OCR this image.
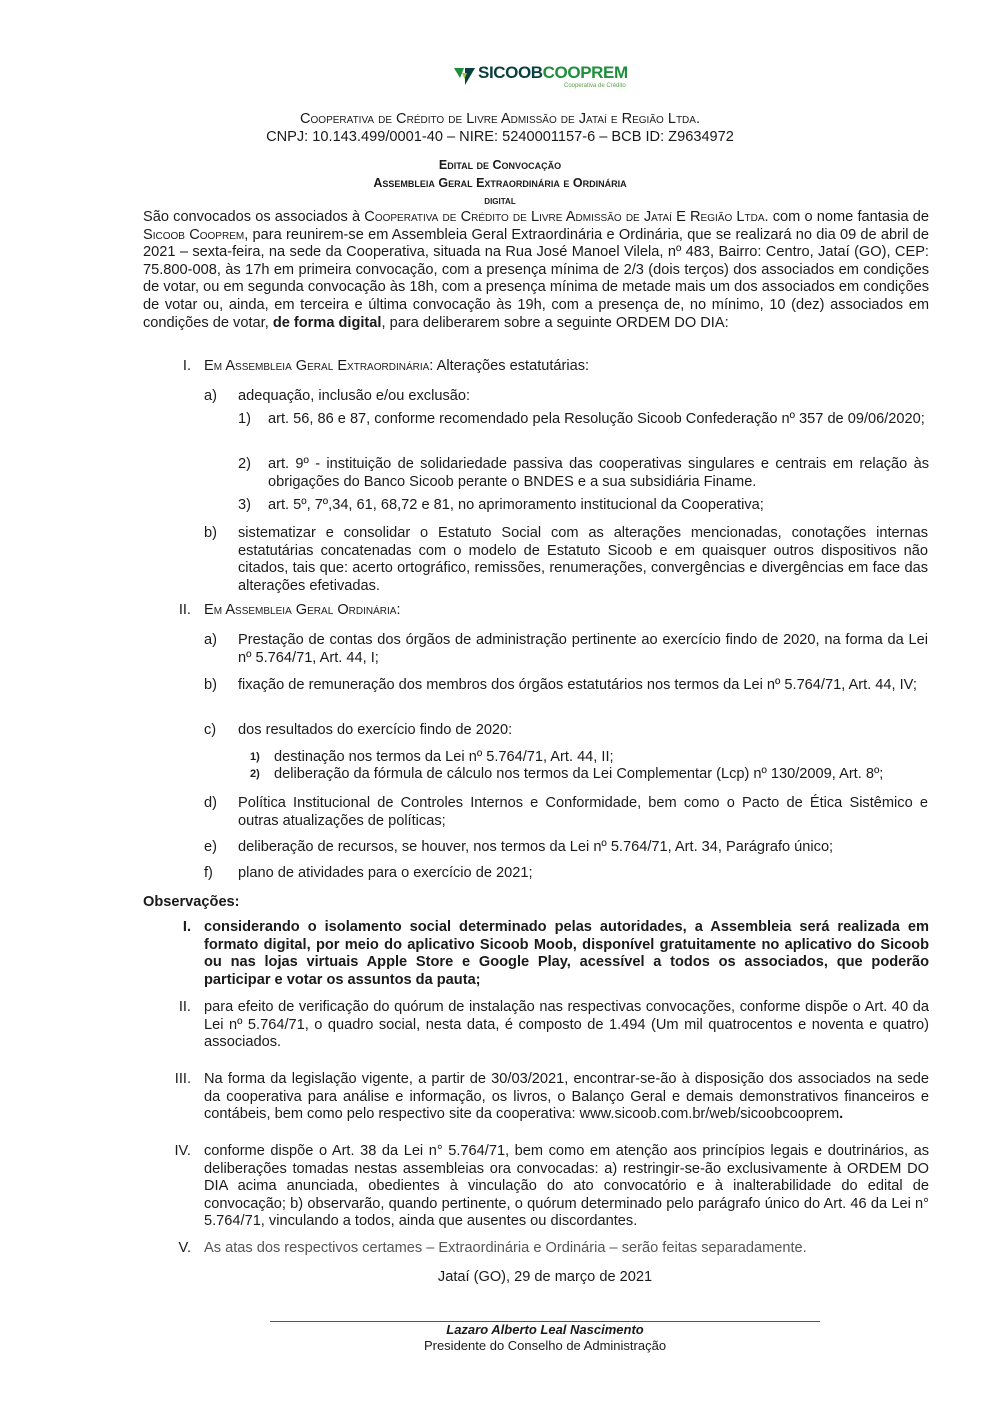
SICOOBCOOPREM
Cooperativa de Crédito
Cooperativa de Crédito de Livre Admissão de Jataí e Região Ltda.
CNPJ: 10.143.499/0001-40 – NIRE: 5240001157-6 – BCB ID: Z9634972
Edital de Convocação
Assembleia Geral Extraordinária e Ordinária
digital
São convocados os associados à Cooperativa de Crédito de Livre Admissão de Jataí E Região Ltda. com o nome fantasia de Sicoob Cooprem, para reunirem-se em Assembleia Geral Extraordinária e Ordinária, que se realizará no dia 09 de abril de 2021 – sexta-feira, na sede da Cooperativa, situada na Rua José Manoel Vilela, nº 483, Bairro: Centro, Jataí (GO), CEP: 75.800-008, às 17h em primeira convocação, com a presença mínima de 2/3 (dois terços) dos associados em condições de votar, ou em segunda convocação às 18h, com a presença mínima de metade mais um dos associados em condições de votar ou, ainda, em terceira e última convocação às 19h, com a presença de, no mínimo, 10 (dez) associados em condições de votar, de forma digital, para deliberarem sobre a seguinte ORDEM DO DIA:
I. Em Assembleia Geral Extraordinária: Alterações estatutárias:
a) adequação, inclusão e/ou exclusão:
1) art. 56, 86 e 87, conforme recomendado pela Resolução Sicoob Confederação nº 357 de 09/06/2020;
2) art. 9º - instituição de solidariedade passiva das cooperativas singulares e centrais em relação às obrigações do Banco Sicoob perante o BNDES e a sua subsidiária Finame.
3) art. 5º, 7º,34, 61, 68,72 e 81, no aprimoramento institucional da Cooperativa;
b) sistematizar e consolidar o Estatuto Social com as alterações mencionadas, conotações internas estatutárias concatenadas com o modelo de Estatuto Sicoob e em quaisquer outros dispositivos não citados, tais que: acerto ortográfico, remissões, renumerações, convergências e divergências em face das alterações efetivadas.
II. Em Assembleia Geral Ordinária:
a) Prestação de contas dos órgãos de administração pertinente ao exercício findo de 2020, na forma da Lei nº 5.764/71, Art. 44, I;
b) fixação de remuneração dos membros dos órgãos estatutários nos termos da Lei nº 5.764/71, Art. 44, IV;
c) dos resultados do exercício findo de 2020:
1) destinação nos termos da Lei nº 5.764/71, Art. 44, II;
2) deliberação da fórmula de cálculo nos termos da Lei Complementar (Lcp) nº 130/2009, Art. 8º;
d) Política Institucional de Controles Internos e Conformidade, bem como o Pacto de Ética Sistêmico e outras atualizações de políticas;
e) deliberação de recursos, se houver, nos termos da Lei nº 5.764/71, Art. 34, Parágrafo único;
f) plano de atividades para o exercício de 2021;
Observações:
I. considerando o isolamento social determinado pelas autoridades, a Assembleia será realizada em formato digital, por meio do aplicativo Sicoob Moob, disponível gratuitamente no aplicativo do Sicoob ou nas lojas virtuais Apple Store e Google Play, acessível a todos os associados, que poderão participar e votar os assuntos da pauta;
II. para efeito de verificação do quórum de instalação nas respectivas convocações, conforme dispõe o Art. 40 da Lei nº 5.764/71, o quadro social, nesta data, é composto de 1.494 (Um mil quatrocentos e noventa e quatro) associados.
III. Na forma da legislação vigente, a partir de 30/03/2021, encontrar-se-ão à disposição dos associados na sede da cooperativa para análise e informação, os livros, o Balanço Geral e demais demonstrativos financeiros e contábeis, bem como pelo respectivo site da cooperativa: www.sicoob.com.br/web/sicoobcooprem.
IV. conforme dispõe o Art. 38 da Lei n° 5.764/71, bem como em atenção aos princípios legais e doutrinários, as deliberações tomadas nestas assembleias ora convocadas: a) restringir-se-ão exclusivamente à ORDEM DO DIA acima anunciada, obedientes à vinculação do ato convocatório e à inalterabilidade do edital de convocação; b) observarão, quando pertinente, o quórum determinado pelo parágrafo único do Art. 46 da Lei n° 5.764/71, vinculando a todos, ainda que ausentes ou discordantes.
V. As atas dos respectivos certames – Extraordinária e Ordinária – serão feitas separadamente.
Jataí (GO), 29 de março de 2021
Lazaro Alberto Leal Nascimento
Presidente do Conselho de Administração
